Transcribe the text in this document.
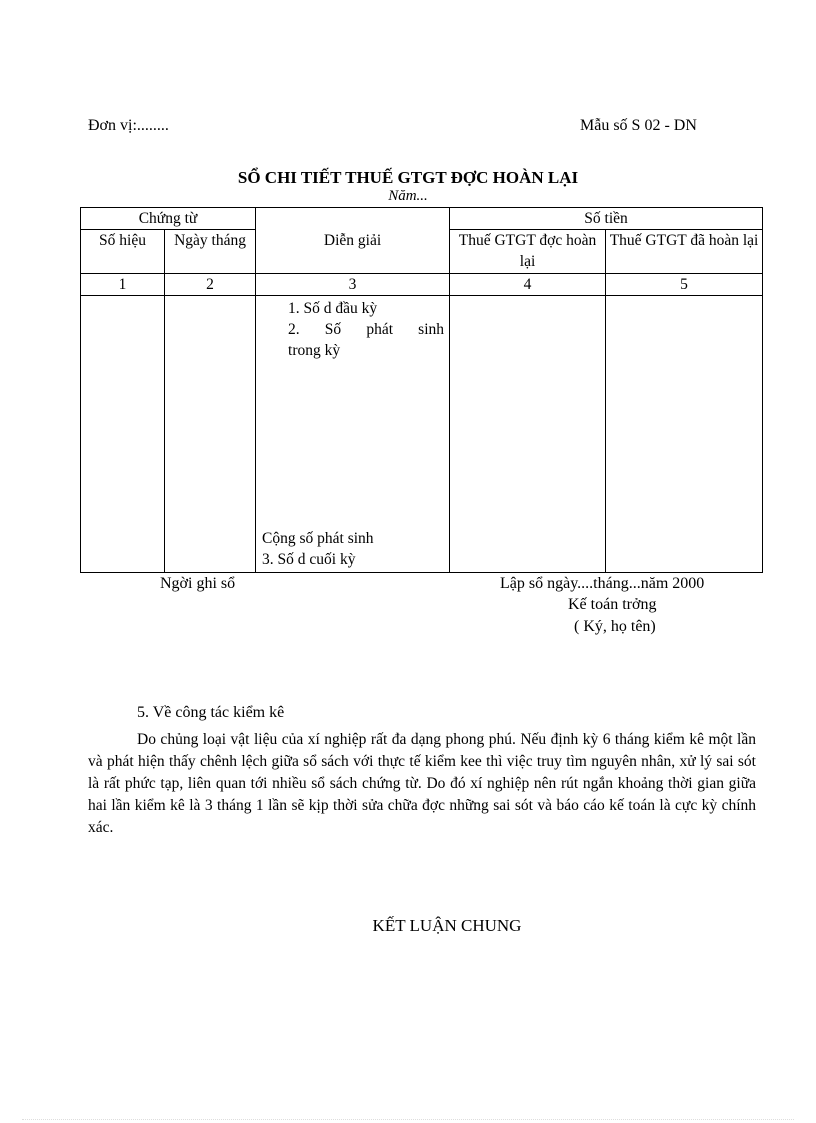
Đơn vị:........	Mẫu số S 02 - DN
SỔ CHI TIẾT THUẾ GTGT ĐỢC HOÀN LẠI
Năm...
Chứng từ		Diễn giải	Số tiền	
Số hiệu	Ngày tháng		Thuế GTGT đợc hoàn lại	Thuế GTGT đã hoàn lại
1	2	3	4	5

		1. Số d đầu kỳ
2. Số phát sinh
trong kỳ
Cộng số phát sinh
3. Số d cuối kỳ		

Ngời ghi sổ	Lập sổ ngày....tháng...năm 2000
Kế toán trởng
( Ký, họ tên)
5. Về công tác kiểm kê
Do chủng loại vật liệu của xí nghiệp rất đa dạng phong phú. Nếu định kỳ 6 tháng kiểm kê một lần và phát hiện thấy chênh lệch giữa sổ sách với thực tế kiểm kee thì việc truy tìm nguyên nhân, xử lý sai sót là rất phức tạp, liên quan tới nhiều sổ sách chứng từ. Do đó xí nghiệp nên rút ngắn khoảng thời gian giữa hai lần kiểm kê là 3 tháng 1 lần sẽ kịp thời sửa chữa đợc những sai sót và báo cáo kế toán là cực kỳ chính xác.
KẾT LUẬN CHUNG
